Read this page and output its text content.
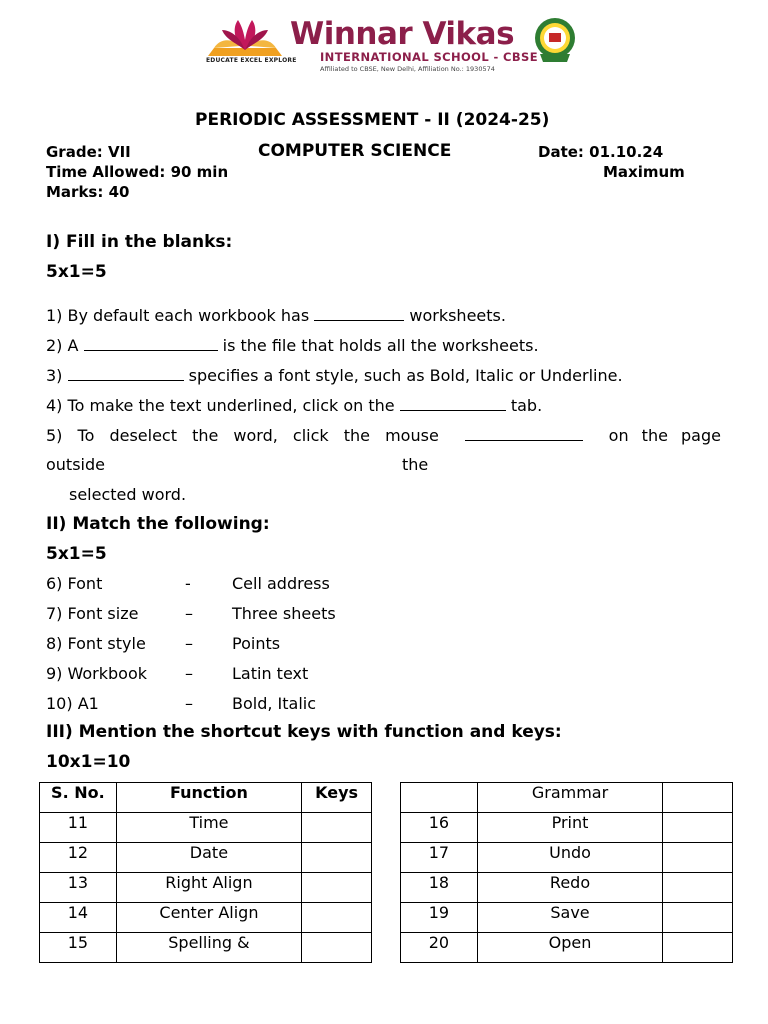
EDUCATE EXCEL EXPLORE
Winnar Vikas
INTERNATIONAL SCHOOL - CBSE
Affiliated to CBSE, New Delhi, Affiliation No.: 1930574
PERIODIC ASSESSMENT - II (2024-25)
Grade: VII	COMPUTER SCIENCE	Date: 01.10.24
Time Allowed: 90 min	Maximum
Marks: 40
I) Fill in the blanks:
5x1=5
1) By default each workbook has	worksheets.
2) A	is the file that holds all the worksheets.
3)	specifies a font style, such as Bold, Italic or Underline.
4) To make the text underlined, click on the	tab.
5) To deselect the word, click the mouse	on the page
outside	the
selected word.
II) Match the following:
5x1=5
6) Font	-	Cell address
7) Font size	– Three sheets
8) Font style – Points
9) Workbook – Latin text
10) A1	– Bold, Italic
III) Mention the shortcut keys with function and keys:
10x1=10
S. No.	Function	Keys
11	Time	
12	Date	
13	Right Align	
14	Center Align	
15	Spelling &	
	Grammar	
16	Print	
17	Undo	
18	Redo	
19	Save	
20	Open	
